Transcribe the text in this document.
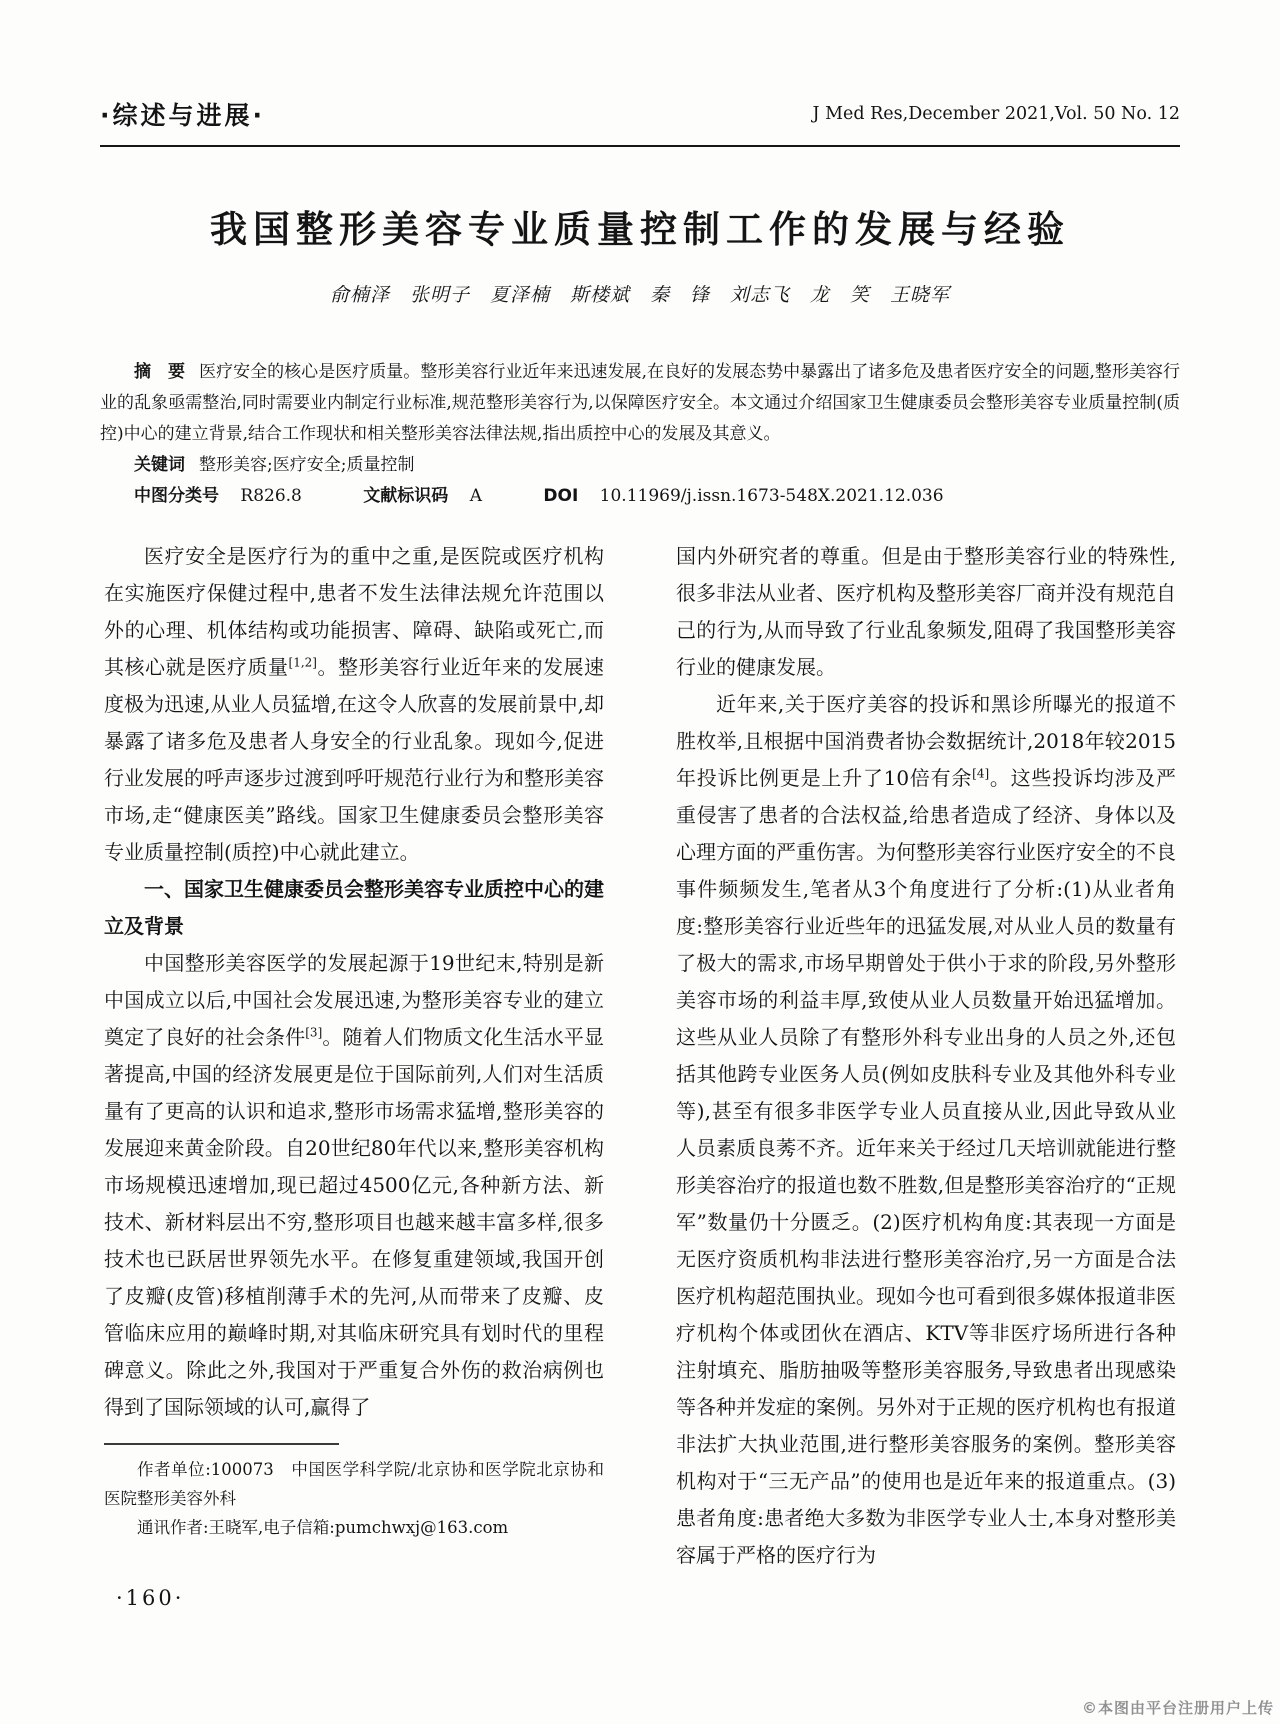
·综述与进展·	J Med Res,December 2021,Vol. 50 No. 12
我国整形美容专业质量控制工作的发展与经验
俞楠泽　张明子　夏泽楠　斯楼斌　秦　锋　刘志飞　龙　笑　王晓军

摘　要 医疗安全的核心是医疗质量。整形美容行业近年来迅速发展,在良好的发展态势中暴露出了诸多危及患者医疗安全的问题,整形美容行业的乱象亟需整治,同时需要业内制定行业标准,规范整形美容行为,以保障医疗安全。本文通过介绍国家卫生健康委员会整形美容专业质量控制(质控)中心的建立背景,结合工作现状和相关整形美容法律法规,指出质控中心的发展及其意义。

关键词 整形美容;医疗安全;质量控制

中图分类号 R826.8	文献标识码 A	DOI 10.11969/j.issn.1673-548X.2021.12.036

医疗安全是医疗行为的重中之重,是医院或医疗机构在实施医疗保健过程中,患者不发生法律法规允许范围以外的心理、机体结构或功能损害、障碍、缺陷或死亡,而其核心就是医疗质量[1,2]。整形美容行业近年来的发展速度极为迅速,从业人员猛增,在这令人欣喜的发展前景中,却暴露了诸多危及患者人身安全的行业乱象。现如今,促进行业发展的呼声逐步过渡到呼吁规范行业行为和整形美容市场,走“健康医美”路线。国家卫生健康委员会整形美容专业质量控制(质控)中心就此建立。

一、国家卫生健康委员会整形美容专业质控中心的建立及背景

中国整形美容医学的发展起源于19世纪末,特别是新中国成立以后,中国社会发展迅速,为整形美容专业的建立奠定了良好的社会条件[3]。随着人们物质文化生活水平显著提高,中国的经济发展更是位于国际前列,人们对生活质量有了更高的认识和追求,整形市场需求猛增,整形美容的发展迎来黄金阶段。自20世纪80年代以来,整形美容机构市场规模迅速增加,现已超过4500亿元,各种新方法、新技术、新材料层出不穷,整形项目也越来越丰富多样,很多技术也已跃居世界领先水平。在修复重建领域,我国开创了皮瓣(皮管)移植削薄手术的先河,从而带来了皮瓣、皮管临床应用的巅峰时期,对其临床研究具有划时代的里程碑意义。除此之外,我国对于严重复合外伤的救治病例也得到了国际领域的认可,赢得了

作者单位:100073　中国医学科学院/北京协和医学院北京协和医院整形美容外科

通讯作者:王晓军,电子信箱:pumchwxj@163.com

国内外研究者的尊重。但是由于整形美容行业的特殊性,很多非法从业者、医疗机构及整形美容厂商并没有规范自己的行为,从而导致了行业乱象频发,阻碍了我国整形美容行业的健康发展。

近年来,关于医疗美容的投诉和黑诊所曝光的报道不胜枚举,且根据中国消费者协会数据统计,2018年较2015年投诉比例更是上升了10倍有余[4]。这些投诉均涉及严重侵害了患者的合法权益,给患者造成了经济、身体以及心理方面的严重伤害。为何整形美容行业医疗安全的不良事件频频发生,笔者从3个角度进行了分析:(1)从业者角度:整形美容行业近些年的迅猛发展,对从业人员的数量有了极大的需求,市场早期曾处于供小于求的阶段,另外整形美容市场的利益丰厚,致使从业人员数量开始迅猛增加。这些从业人员除了有整形外科专业出身的人员之外,还包括其他跨专业医务人员(例如皮肤科专业及其他外科专业等),甚至有很多非医学专业人员直接从业,因此导致从业人员素质良莠不齐。近年来关于经过几天培训就能进行整形美容治疗的报道也数不胜数,但是整形美容治疗的“正规军”数量仍十分匮乏。(2)医疗机构角度:其表现一方面是无医疗资质机构非法进行整形美容治疗,另一方面是合法医疗机构超范围执业。现如今也可看到很多媒体报道非医疗机构个体或团伙在酒店、KTV等非医疗场所进行各种注射填充、脂肪抽吸等整形美容服务,导致患者出现感染等各种并发症的案例。另外对于正规的医疗机构也有报道非法扩大执业范围,进行整形美容服务的案例。整形美容机构对于“三无产品”的使用也是近年来的报道重点。(3)患者角度:患者绝大多数为非医学专业人士,本身对整形美容属于严格的医疗行为

·160·
©本图由平台注册用户上传
